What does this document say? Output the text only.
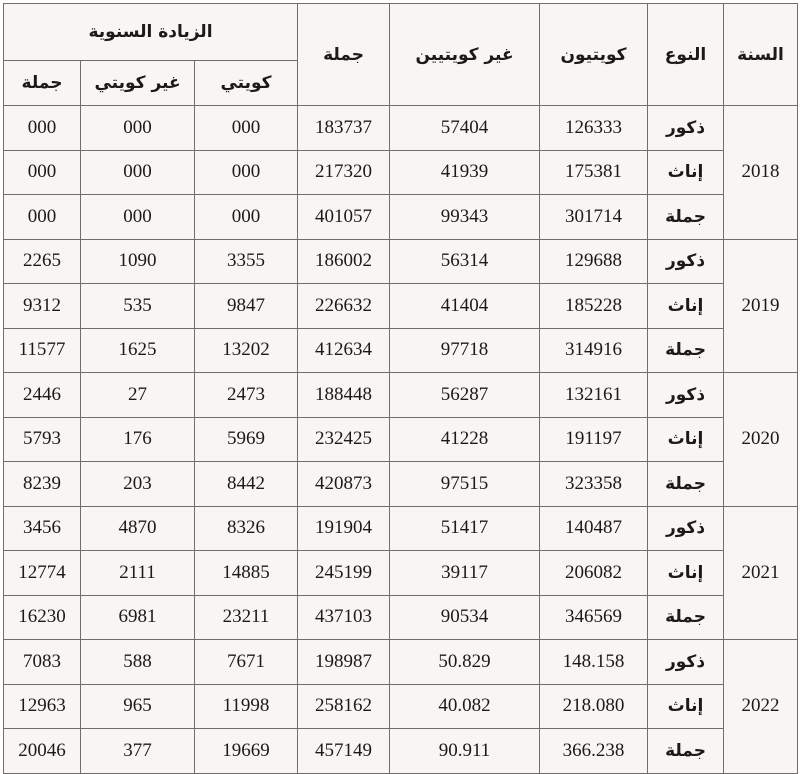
السنة	النوع	كويتيون	غير كويتيين	جملة	الزيادة السنوية		
					كويتي	غير كويتي	جملة
2018	ذكور	126333	57404	183737	000	000	000
	إناث	175381	41939	217320	000	000	000
	جملة	301714	99343	401057	000	000	000
2019	ذكور	129688	56314	186002	3355	1090	2265
	إناث	185228	41404	226632	9847	535	9312
	جملة	314916	97718	412634	13202	1625	11577
2020	ذكور	132161	56287	188448	2473	27	2446
	إناث	191197	41228	232425	5969	176	5793
	جملة	323358	97515	420873	8442	203	8239
2021	ذكور	140487	51417	191904	8326	4870	3456
	إناث	206082	39117	245199	14885	2111	12774
	جملة	346569	90534	437103	23211	6981	16230
2022	ذكور	148.158	50.829	198987	7671	588	7083
	إناث	218.080	40.082	258162	11998	965	12963
	جملة	366.238	90.911	457149	19669	377	20046
